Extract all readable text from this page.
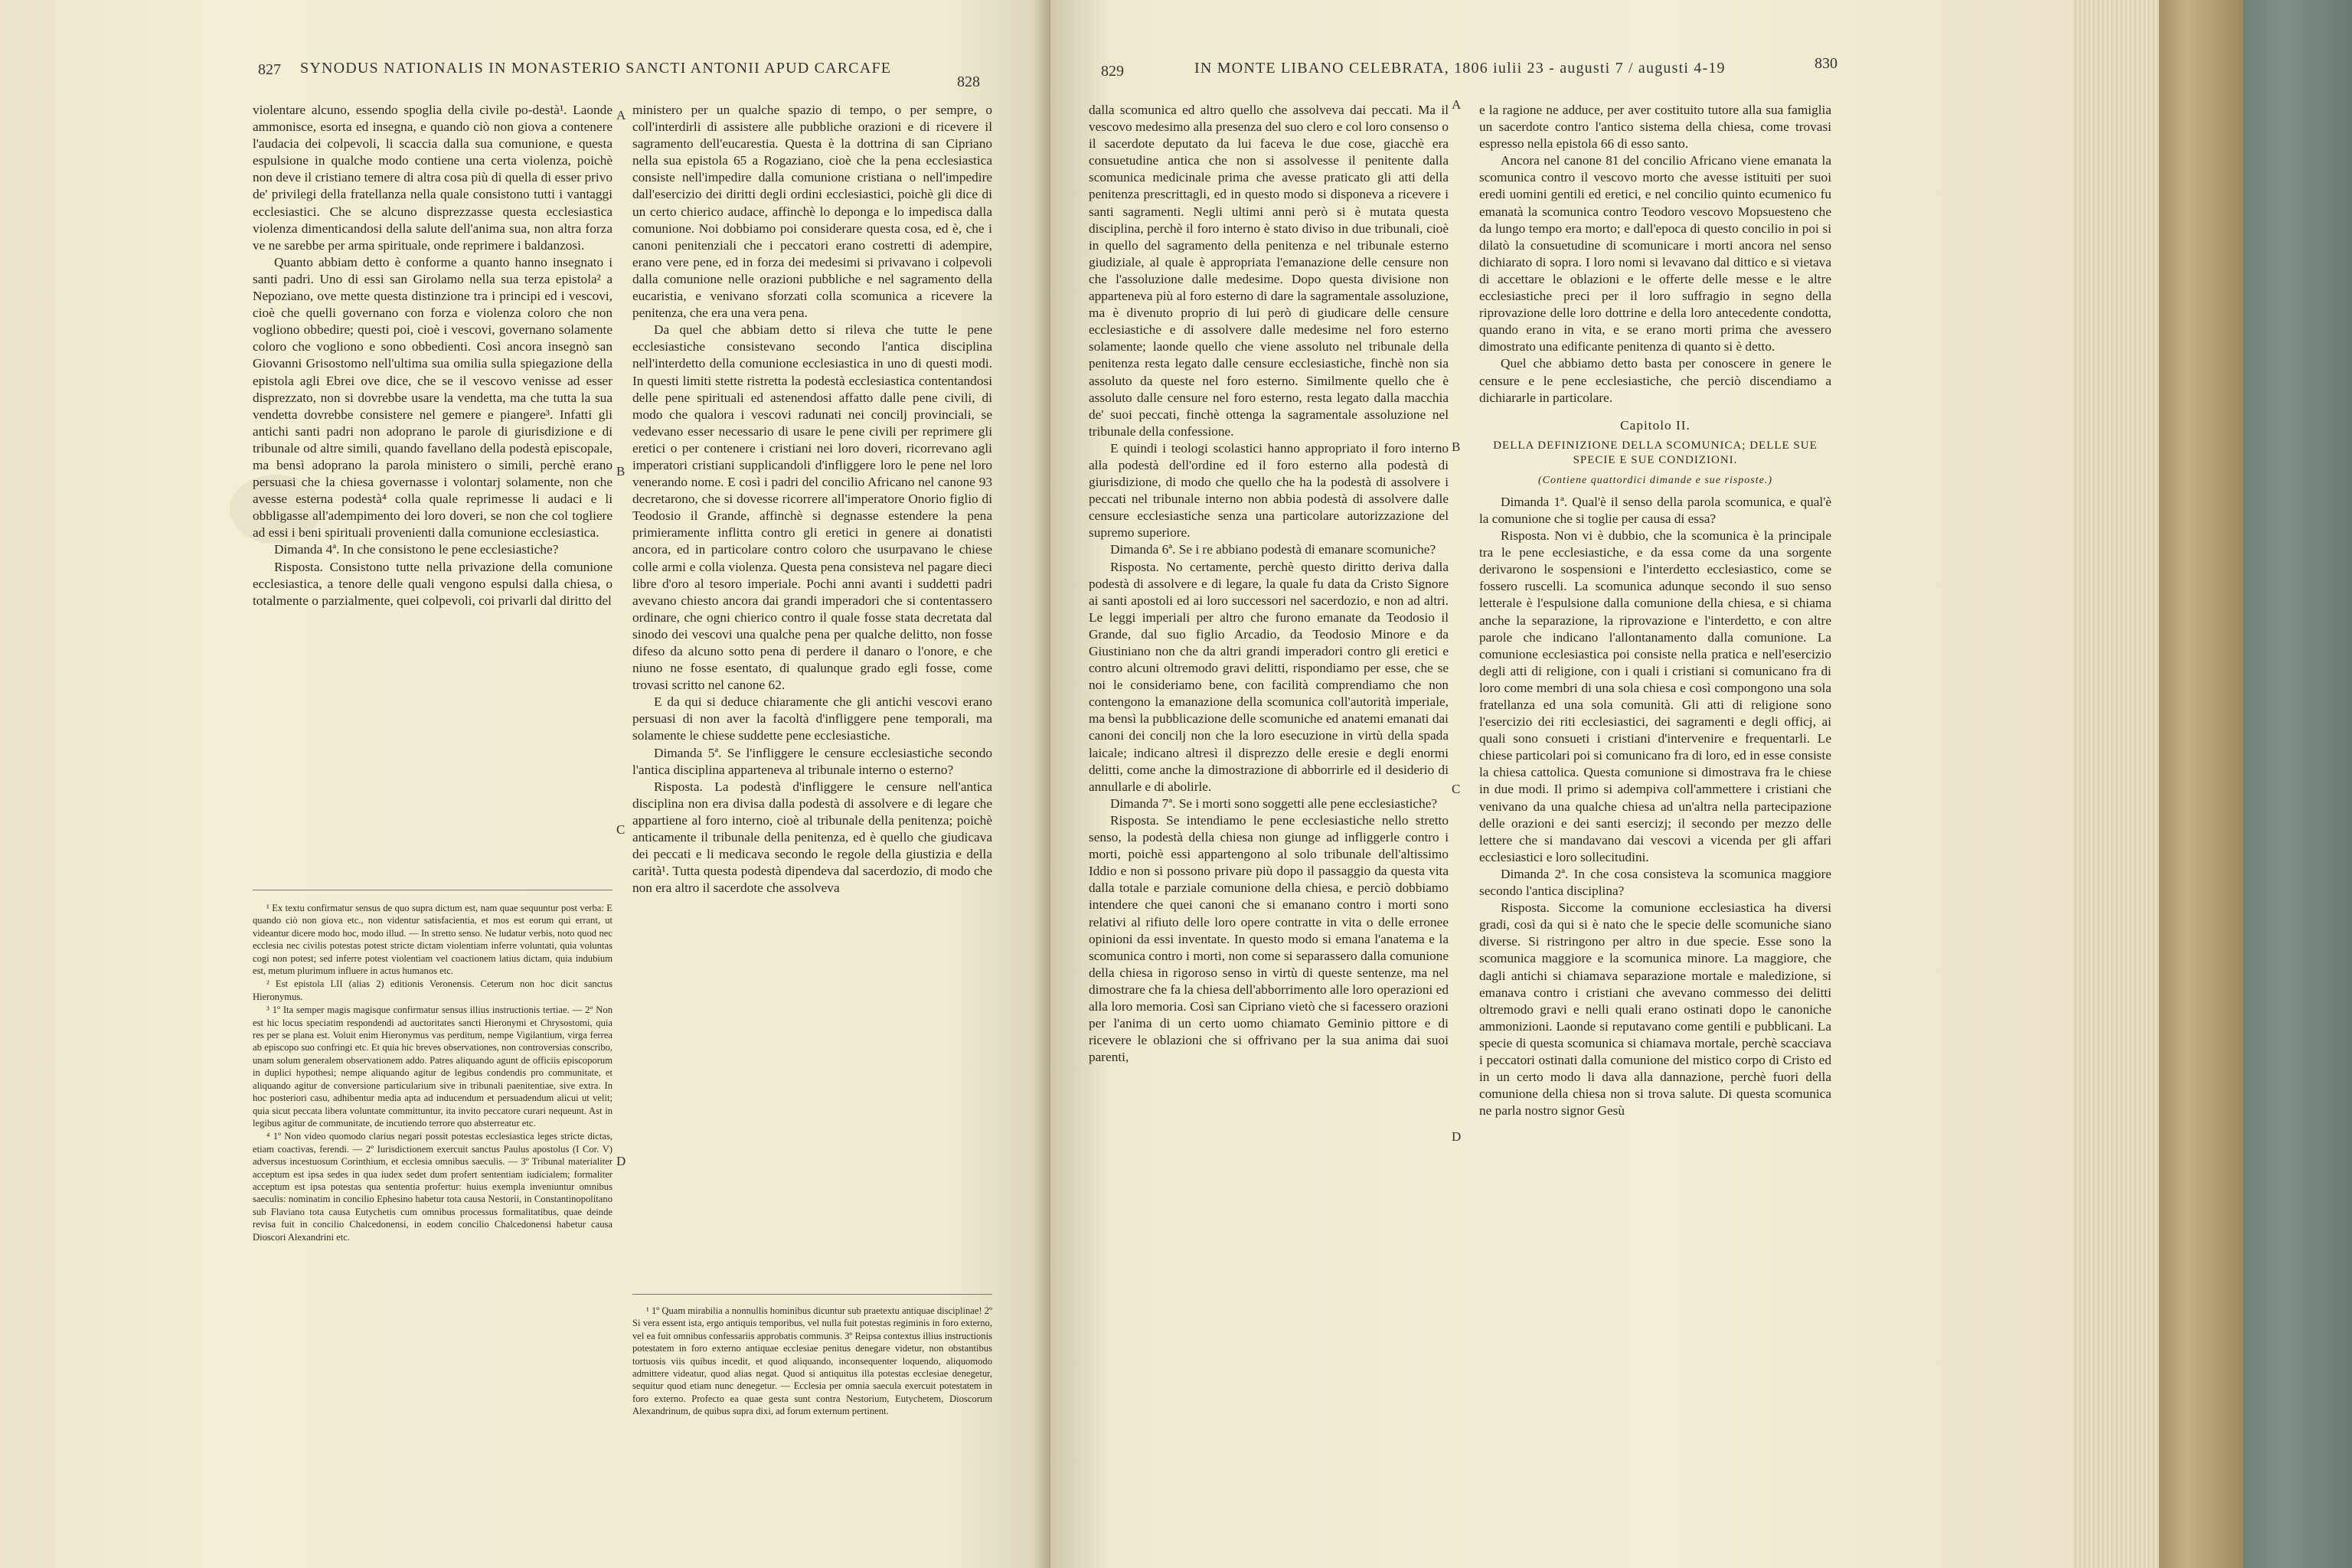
827 SYNODUS NATIONALIS IN MONASTERIO SANCTI ANTONII APUD CARCAFE
828

violentare alcuno, essendo spoglia della civile po-destà¹. Laonde ammonisce, esorta ed insegna, e quando ciò non giova a contenere l'audacia dei colpevoli, li scaccia dalla sua comunione, e questa espulsione in qualche modo contiene una certa violenza, poichè non deve il cristiano temere di altra cosa più di quella di esser privo de' privilegi della fratellanza nella quale consistono tutti i vantaggi ecclesiastici. Che se alcuno disprezzasse questa ecclesiastica violenza dimenticandosi della salute dell'anima sua, non altra forza ve ne sarebbe per arma spirituale, onde reprimere i baldanzosi.

Quanto abbiam detto è conforme a quanto hanno insegnato i santi padri. Uno di essi san Girolamo nella sua terza epistola² a Nepoziano, ove mette questa distinzione tra i principi ed i vescovi, cioè che quelli governano con forza e violenza coloro che non vogliono obbedire; questi poi, cioè i vescovi, governano solamente coloro che vogliono e sono obbedienti. Così ancora insegnò san Giovanni Grisostomo nell'ultima sua omilia sulla spiegazione della epistola agli Ebrei ove dice, che se il vescovo venisse ad esser disprezzato, non si dovrebbe usare la vendetta, ma che tutta la sua vendetta dovrebbe consistere nel gemere e piangere³. Infatti gli antichi santi padri non adoprano le parole di giurisdizione e di tribunale od altre simili, quando favellano della podestà episcopale, ma bensì adoprano la parola ministero o simili, perchè erano persuasi che la chiesa governasse i volontarj solamente, non che avesse esterna podestà⁴ colla quale reprimesse li audaci e li obbligasse all'adempimento dei loro doveri, se non che col togliere ad essi i beni spirituali provenienti dalla comunione ecclesiastica.

Dimanda 4ª. In che consistono le pene ecclesiastiche?

Risposta. Consistono tutte nella privazione della comunione ecclesiastica, a tenore delle quali vengono espulsi dalla chiesa, o totalmente o parzialmente, quei colpevoli, coi privarli dal diritto del

¹ Ex textu confirmatur sensus de quo supra dictum est, nam quae sequuntur post verba: E quando ciò non giova etc., non videntur satisfacientia, et mos est eorum qui errant, ut videantur dicere modo hoc, modo illud. — In stretto senso. Ne ludatur verbis, noto quod nec ecclesia nec civilis potestas potest stricte dictam violentiam inferre voluntati, quia voluntas cogi non potest; sed inferre potest violentiam vel coactionem latius dictam, quia indubium est, metum plurimum influere in actus humanos etc.

² Est epistola LII (alias 2) editionis Veronensis. Ceterum non hoc dicit sanctus Hieronymus.

³ 1º Ita semper magis magisque confirmatur sensus illius instructionis tertiae. — 2º Non est hic locus speciatim respondendi ad auctoritates sancti Hieronymi et Chrysostomi, quia res per se plana est. Voluit enim Hieronymus vas perditum, nempe Vigilantium, virga ferrea ab episcopo suo confringi etc. Et quia hic breves observationes, non controversias conscribo, unam solum generalem observationem addo. Patres aliquando agunt de officiis episcoporum in duplici hypothesi; nempe aliquando agitur de legibus condendis pro communitate, et aliquando agitur de conversione particularium sive in tribunali paenitentiae, sive extra. In hoc posteriori casu, adhibentur media apta ad inducendum et persuadendum alicui ut velit; quia sicut peccata libera voluntate committuntur, ita invito peccatore curari nequeunt. Ast in legibus agitur de communitate, de incutiendo terrore quo absterreatur etc.

⁴ 1º Non video quomodo clarius negari possit potestas ecclesiastica leges stricte dictas, etiam coactivas, ferendi. — 2º Iurisdictionem exercuit sanctus Paulus apostolus (I Cor. V) adversus incestuosum Corinthium, et ecclesia omnibus saeculis. — 3º Tribunal materialiter acceptum est ipsa sedes in qua iudex sedet dum profert sententiam iudicialem; formaliter acceptum est ipsa potestas qua sententia profertur: huius exempla inveniuntur omnibus saeculis: nominatim in concilio Ephesino habetur tota causa Nestorii, in Constantinopolitano sub Flaviano tota causa Eutychetis cum omnibus processus formalitatibus, quae deinde revisa fuit in concilio Chalcedonensi, in eodem concilio Chalcedonensi habetur causa Dioscori Alexandrini etc.

A
B
C
D

ministero per un qualche spazio di tempo, o per sempre, o coll'interdirli di assistere alle pubbliche orazioni e di ricevere il sagramento dell'eucarestia. Questa è la dottrina di san Cipriano nella sua epistola 65 a Rogaziano, cioè che la pena ecclesiastica consiste nell'impedire dalla comunione cristiana o nell'impedire dall'esercizio dei diritti degli ordini ecclesiastici, poichè gli dice di un certo chierico audace, affinchè lo deponga e lo impedisca dalla comunione. Noi dobbiamo poi considerare questa cosa, ed è, che i canoni penitenziali che i peccatori erano costretti di adempire, erano vere pene, ed in forza dei medesimi si privavano i colpevoli dalla comunione nelle orazioni pubbliche e nel sagramento della eucaristia, e venivano sforzati colla scomunica a ricevere la penitenza, che era una vera pena.

Da quel che abbiam detto si rileva che tutte le pene ecclesiastiche consistevano secondo l'antica disciplina nell'interdetto della comunione ecclesiastica in uno di questi modi. In questi limiti stette ristretta la podestà ecclesiastica contentandosi delle pene spirituali ed astenendosi affatto dalle pene civili, di modo che qualora i vescovi radunati nei concilj provinciali, se vedevano esser necessario di usare le pene civili per reprimere gli eretici o per contenere i cristiani nei loro doveri, ricorrevano agli imperatori cristiani supplicandoli d'infliggere loro le pene nel loro venerando nome. E così i padri del concilio Africano nel canone 93 decretarono, che si dovesse ricorrere all'imperatore Onorio figlio di Teodosio il Grande, affinchè si degnasse estendere la pena primieramente inflitta contro gli eretici in genere ai donatisti ancora, ed in particolare contro coloro che usurpavano le chiese colle armi e colla violenza. Questa pena consisteva nel pagare dieci libre d'oro al tesoro imperiale. Pochi anni avanti i suddetti padri avevano chiesto ancora dai grandi imperadori che si contentassero ordinare, che ogni chierico contro il quale fosse stata decretata dal sinodo dei vescovi una qualche pena per qualche delitto, non fosse difeso da alcuno sotto pena di perdere il danaro o l'onore, e che niuno ne fosse esentato, di qualunque grado egli fosse, come trovasi scritto nel canone 62.

E da qui si deduce chiaramente che gli antichi vescovi erano persuasi di non aver la facoltà d'infliggere pene temporali, ma solamente le chiese suddette pene ecclesiastiche.

Dimanda 5ª. Se l'infliggere le censure ecclesiastiche secondo l'antica disciplina apparteneva al tribunale interno o esterno?

Risposta. La podestà d'infliggere le censure nell'antica disciplina non era divisa dalla podestà di assolvere e di legare che appartiene al foro interno, cioè al tribunale della penitenza; poichè anticamente il tribunale della penitenza, ed è quello che giudicava dei peccati e li medicava secondo le regole della giustizia e della carità¹. Tutta questa podestà dipendeva dal sacerdozio, di modo che non era altro il sacerdote che assolveva

¹ 1º Quam mirabilia a nonnullis hominibus dicuntur sub praetextu antiquae disciplinae! 2º Si vera essent ista, ergo antiquis temporibus, vel nulla fuit potestas regiminis in foro externo, vel ea fuit omnibus confessariis approbatis communis. 3º Reipsa contextus illius instructionis potestatem in foro externo antiquae ecclesiae penitus denegare videtur, non obstantibus tortuosis viis quibus incedit, et quod aliquando, inconsequenter loquendo, aliquomodo admittere videatur, quod alias negat. Quod si antiquitus illa potestas ecclesiae denegetur, sequitur quod etiam nunc denegetur. — Ecclesia per omnia saecula exercuit potestatem in foro externo. Profecto ea quae gesta sunt contra Nestorium, Eutychetem, Dioscorum Alexandrinum, de quibus supra dixi, ad forum externum pertinent.

829	IN MONTE LIBANO CELEBRATA, 1806 iulii 23 - augusti 7 / augusti 4-19	830

dalla scomunica ed altro quello che assolveva dai peccati. Ma il vescovo medesimo alla presenza del suo clero e col loro consenso o il sacerdote deputato da lui faceva le due cose, giacchè era consuetudine antica che non si assolvesse il penitente dalla scomunica medicinale prima che avesse praticato gli atti della penitenza prescrittagli, ed in questo modo si disponeva a ricevere i santi sagramenti. Negli ultimi anni però si è mutata questa disciplina, perchè il foro interno è stato diviso in due tribunali, cioè in quello del sagramento della penitenza e nel tribunale esterno giudiziale, al quale è appropriata l'emanazione delle censure non che l'assoluzione dalle medesime. Dopo questa divisione non apparteneva più al foro esterno di dare la sagramentale assoluzione, ma è divenuto proprio di lui però di giudicare delle censure ecclesiastiche e di assolvere dalle medesime nel foro esterno solamente; laonde quello che viene assoluto nel tribunale della penitenza resta legato dalle censure ecclesiastiche, finchè non sia assoluto da queste nel foro esterno. Similmente quello che è assoluto dalle censure nel foro esterno, resta legato dalla macchia de' suoi peccati, finchè ottenga la sagramentale assoluzione nel tribunale della confessione.

E quindi i teologi scolastici hanno appropriato il foro interno alla podestà dell'ordine ed il foro esterno alla podestà di giurisdizione, di modo che quello che ha la podestà di assolvere i peccati nel tribunale interno non abbia podestà di assolvere dalle censure ecclesiastiche senza una particolare autorizzazione del supremo superiore.

Dimanda 6ª. Se i re abbiano podestà di emanare scomuniche?

Risposta. No certamente, perchè questo diritto deriva dalla podestà di assolvere e di legare, la quale fu data da Cristo Signore ai santi apostoli ed ai loro successori nel sacerdozio, e non ad altri. Le leggi imperiali per altro che furono emanate da Teodosio il Grande, dal suo figlio Arcadio, da Teodosio Minore e da Giustiniano non che da altri grandi imperadori contro gli eretici e contro alcuni oltremodo gravi delitti, rispondiamo per esse, che se noi le consideriamo bene, con facilità comprendiamo che non contengono la emanazione della scomunica coll'autorità imperiale, ma bensì la pubblicazione delle scomuniche ed anatemi emanati dai canoni dei concilj non che la loro esecuzione in virtù della spada laicale; indicano altresì il disprezzo delle eresie e degli enormi delitti, come anche la dimostrazione di abborrirle ed il desiderio di annullarle e di abolirle.

Dimanda 7ª. Se i morti sono soggetti alle pene ecclesiastiche?

Risposta. Se intendiamo le pene ecclesiastiche nello stretto senso, la podestà della chiesa non giunge ad infliggerle contro i morti, poichè essi appartengono al solo tribunale dell'altissimo Iddio e non si possono privare più dopo il passaggio da questa vita dalla totale e parziale comunione della chiesa, e perciò dobbiamo intendere che quei canoni che si emanano contro i morti sono relativi al rifiuto delle loro opere contratte in vita o delle erronee opinioni da essi inventate. In questo modo si emana l'anatema e la scomunica contro i morti, non come si separassero dalla comunione della chiesa in rigoroso senso in virtù di queste sentenze, ma nel dimostrare che fa la chiesa dell'abborrimento alle loro operazioni ed alla loro memoria. Così san Cipriano vietò che si facessero orazioni per l'anima di un certo uomo chiamato Geminio pittore e di ricevere le oblazioni che si offrivano per la sua anima dai suoi parenti,

A
B
C
D

e la ragione ne adduce, per aver costituito tutore alla sua famiglia un sacerdote contro l'antico sistema della chiesa, come trovasi espresso nella epistola 66 di esso santo.

Ancora nel canone 81 del concilio Africano viene emanata la scomunica contro il vescovo morto che avesse istituiti per suoi eredi uomini gentili ed eretici, e nel concilio quinto ecumenico fu emanatà la scomunica contro Teodoro vescovo Mopsuesteno che da lungo tempo era morto; e dall'epoca di questo concilio in poi si dilatò la consuetudine di scomunicare i morti ancora nel senso dichiarato di sopra. I loro nomi si levavano dal dittico e si vietava di accettare le oblazioni e le offerte delle messe e le altre ecclesiastiche preci per il loro suffragio in segno della riprovazione delle loro dottrine e della loro antecedente condotta, quando erano in vita, e se erano morti prima che avessero dimostrato una edificante penitenza di quanto si è detto.

Quel che abbiamo detto basta per conoscere in genere le censure e le pene ecclesiastiche, che perciò discendiamo a dichiararle in particolare.

Capitolo II.

DELLA DEFINIZIONE DELLA SCOMUNICA; DELLE SUE SPECIE E SUE CONDIZIONI.

(Contiene quattordici dimande e sue risposte.)

Dimanda 1ª. Qual'è il senso della parola scomunica, e qual'è la comunione che si toglie per causa di essa?

Risposta. Non vi è dubbio, che la scomunica è la principale tra le pene ecclesiastiche, e da essa come da una sorgente derivarono le sospensioni e l'interdetto ecclesiastico, come se fossero ruscelli. La scomunica adunque secondo il suo senso letterale è l'espulsione dalla comunione della chiesa, e si chiama anche la separazione, la riprovazione e l'interdetto, e con altre parole che indicano l'allontanamento dalla comunione. La comunione ecclesiastica poi consiste nella pratica e nell'esercizio degli atti di religione, con i quali i cristiani si comunicano fra di loro come membri di una sola chiesa e così compongono una sola fratellanza ed una sola comunità. Gli atti di religione sono l'esercizio dei riti ecclesiastici, dei sagramenti e degli officj, ai quali sono consueti i cristiani d'intervenire e frequentarli. Le chiese particolari poi si comunicano fra di loro, ed in esse consiste la chiesa cattolica. Questa comunione si dimostrava fra le chiese in due modi. Il primo si adempiva coll'ammettere i cristiani che venivano da una qualche chiesa ad un'altra nella partecipazione delle orazioni e dei santi esercizj; il secondo per mezzo delle lettere che si mandavano dai vescovi a vicenda per gli affari ecclesiastici e loro sollecitudini.

Dimanda 2ª. In che cosa consisteva la scomunica maggiore secondo l'antica disciplina?

Risposta. Siccome la comunione ecclesiastica ha diversi gradi, così da qui si è nato che le specie delle scomuniche siano diverse. Si ristringono per altro in due specie. Esse sono la scomunica maggiore e la scomunica minore. La maggiore, che dagli antichi si chiamava separazione mortale e maledizione, si emanava contro i cristiani che avevano commesso dei delitti oltremodo gravi e nelli quali erano ostinati dopo le canoniche ammonizioni. Laonde si reputavano come gentili e pubblicani. La specie di questa scomunica si chiamava mortale, perchè scacciava i peccatori ostinati dalla comunione del mistico corpo di Cristo ed in un certo modo li dava alla dannazione, perchè fuori della comunione della chiesa non si trova salute. Di questa scomunica ne parla nostro signor Gesù
